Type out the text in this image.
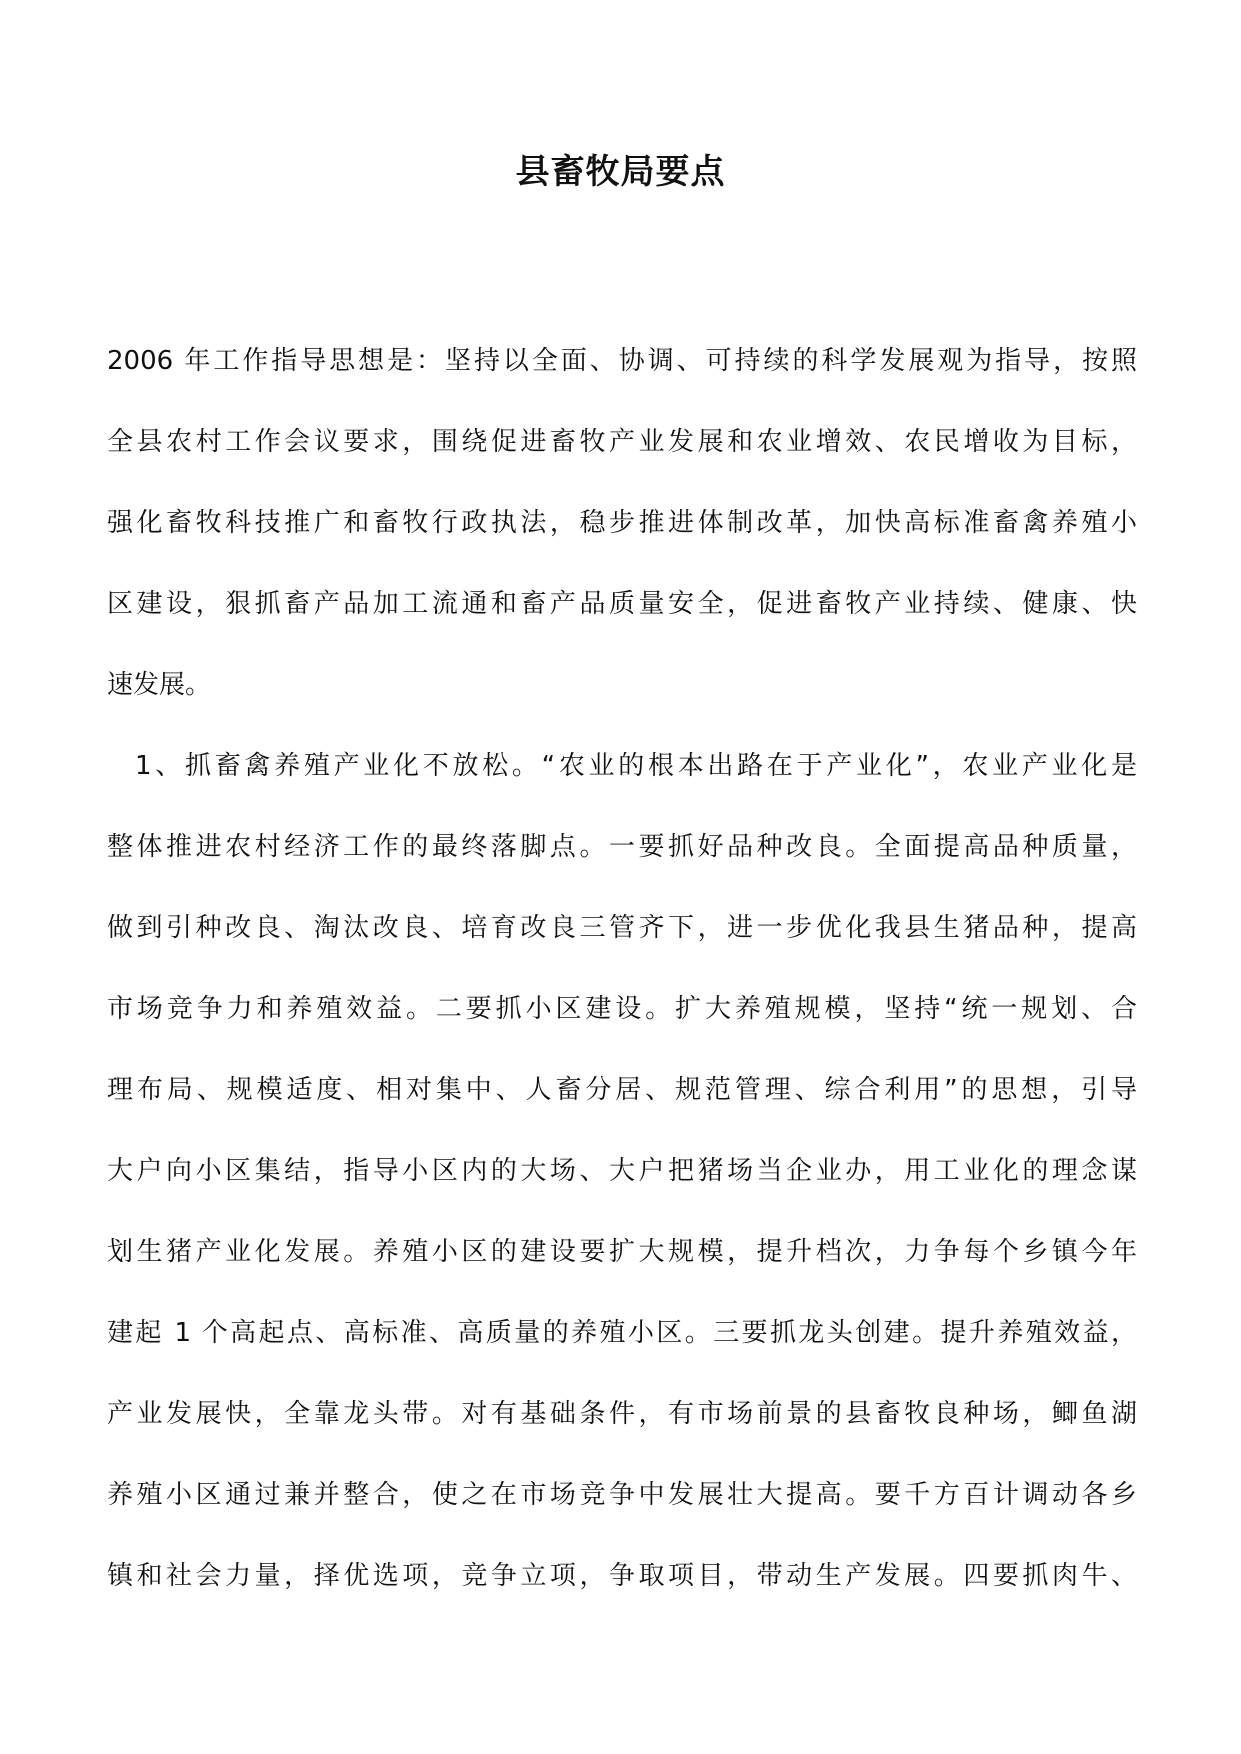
县畜牧局要点
2006 年工作指导思想是：坚持以全面、协调、可持续的科学发展观为指导，按照
全县农村工作会议要求，围绕促进畜牧产业发展和农业增效、农民增收为目标，
强化畜牧科技推广和畜牧行政执法，稳步推进体制改革，加快高标准畜禽养殖小
区建设，狠抓畜产品加工流通和畜产品质量安全，促进畜牧产业持续、健康、快
速发展。
1、抓畜禽养殖产业化不放松。“农业的根本出路在于产业化”，农业产业化是
整体推进农村经济工作的最终落脚点。一要抓好品种改良。全面提高品种质量，
做到引种改良、淘汰改良、培育改良三管齐下，进一步优化我县生猪品种，提高
市场竞争力和养殖效益。二要抓小区建设。扩大养殖规模，坚持“统一规划、合
理布局、规模适度、相对集中、人畜分居、规范管理、综合利用”的思想，引导
大户向小区集结，指导小区内的大场、大户把猪场当企业办，用工业化的理念谋
划生猪产业化发展。养殖小区的建设要扩大规模，提升档次，力争每个乡镇今年
建起 1 个高起点、高标准、高质量的养殖小区。三要抓龙头创建。提升养殖效益，
产业发展快，全靠龙头带。对有基础条件，有市场前景的县畜牧良种场，鲫鱼湖
养殖小区通过兼并整合，使之在市场竞争中发展壮大提高。要千方百计调动各乡
镇和社会力量，择优选项，竞争立项，争取项目，带动生产发展。四要抓肉牛、
